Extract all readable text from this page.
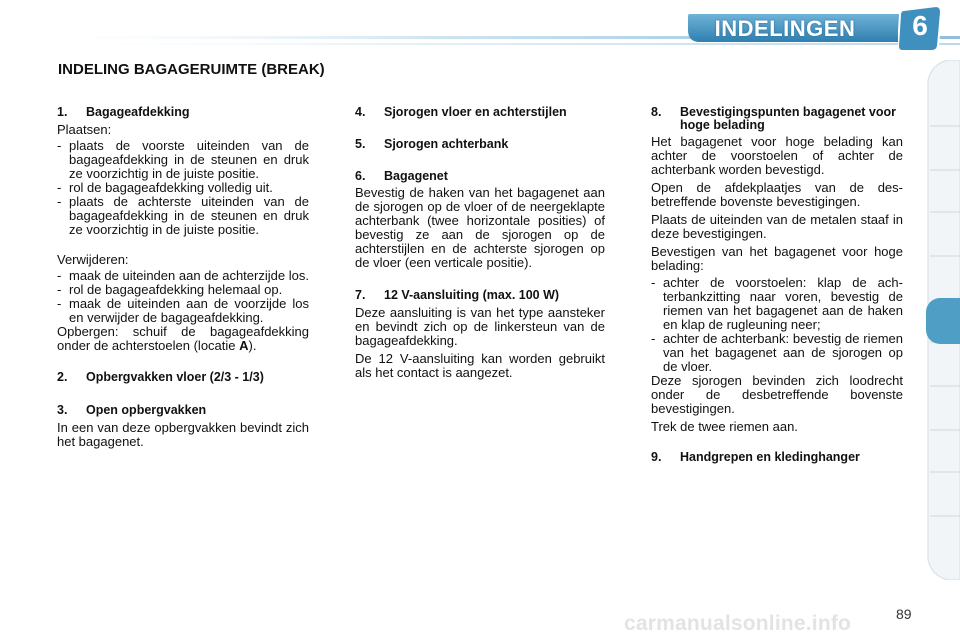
INDELINGEN	6
INDELING BAGAGERUIMTE (BREAK)
1.	Bagageafdekking

Plaatsen:

- plaats de voorste uiteinden van de bagageafdekking in de steunen en druk ze voorzichtig in de juiste positie.
- rol de bagageafdekking volledig uit.
- plaats de achterste uiteinden van de bagageafdekking in de steunen en druk ze voorzichtig in de juiste positie.

Verwijderen:

- maak de uiteinden aan de achterzijde los.
- rol de bagageafdekking helemaal op.
- maak de uiteinden aan de voorzijde los en verwijder de bagageafdekking.

Opbergen: schuif de bagageafdekking onder de achterstoelen (locatie A).

2.	Opbergvakken vloer (2/3 - 1/3)
3.	Open opbergvakken

In een van deze opbergvakken bevindt zich het bagagenet.

4.	Sjorogen vloer en achterstijlen
5.	Sjorogen achterbank
6.	Bagagenet

Bevestig de haken van het bagagenet aan de sjorogen op de vloer of de neergeklapte achterbank (twee horizontale posities) of bevestig ze aan de sjorogen op de achterstijlen en de achterste sjorogen op de vloer (een verticale positie).

7.	12 V-aansluiting (max. 100 W)

Deze aansluiting is van het type aansteker en bevindt zich op de linkersteun van de bagageafdekking.

De 12 V-aansluiting kan worden gebruikt als het contact is aangezet.

8.	Bevestigingspunten bagagenet voor hoge belading

Het bagagenet voor hoge belading kan achter de voorstoelen of achter de achterbank worden bevestigd.

Open de afdekplaatjes van de desbetreffende bovenste bevestigingen.

Plaats de uiteinden van de metalen staaf in deze bevestigingen.

Bevestigen van het bagagenet voor hoge belading:

- achter de voorstoelen: klap de achterbankzitting naar voren, bevestig de riemen van het bagagenet aan de haken en klap de rugleuning neer;
- achter de achterbank: bevestig de riemen van het bagagenet aan de sjorogen op de vloer.

Deze sjorogen bevinden zich loodrecht onder de desbetreffende bovenste bevestigingen.

Trek de twee riemen aan.

9.	Handgrepen en kledinghanger
carmanualsonline.info	89
